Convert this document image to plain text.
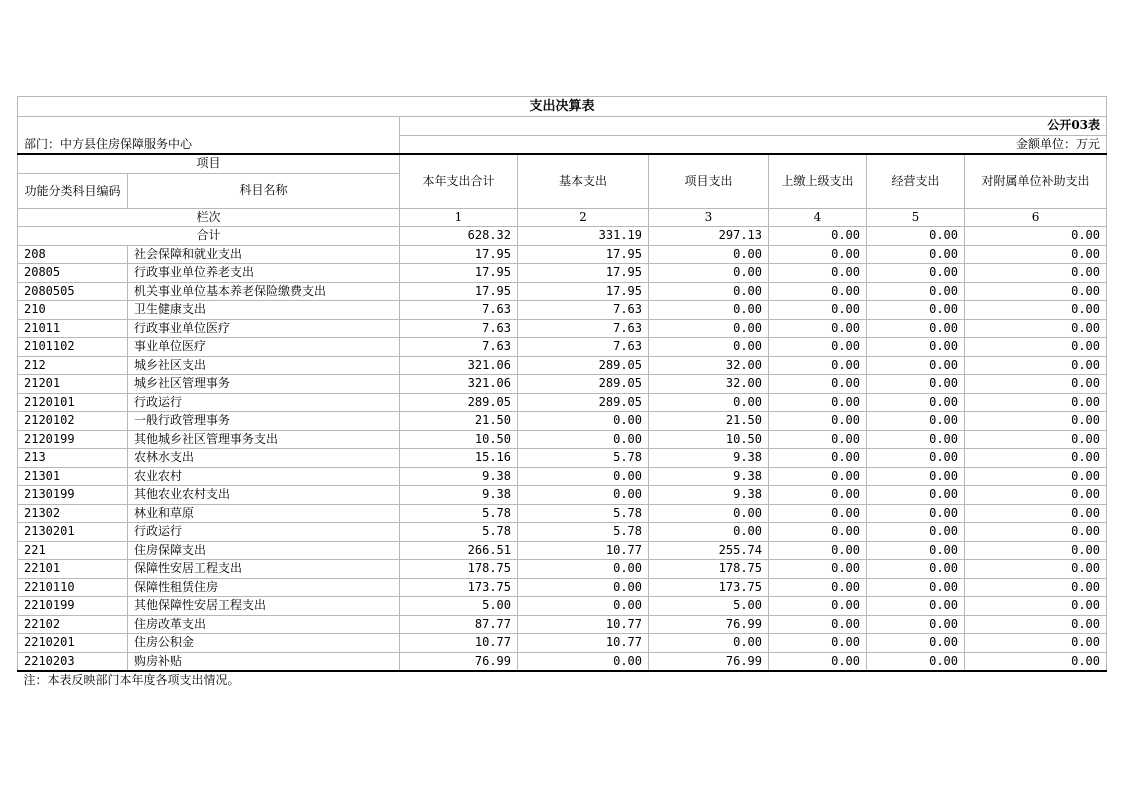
支出决算表							
		公开03表					
部门：中方县住房保障服务中心		金额单位：万元					
项目		本年支出合计	基本支出	项目支出	上缴上级支出	经营支出	对附属单位补助支出
功能分类科目编码	科目名称						
栏次		1	2	3	4	5	6
合计		628.32	331.19	297.13	0.00	0.00	0.00
208	社会保障和就业支出	17.95	17.95	0.00	0.00	0.00	0.00
20805	行政事业单位养老支出	17.95	17.95	0.00	0.00	0.00	0.00
2080505	机关事业单位基本养老保险缴费支出	17.95	17.95	0.00	0.00	0.00	0.00
210	卫生健康支出	7.63	7.63	0.00	0.00	0.00	0.00
21011	行政事业单位医疗	7.63	7.63	0.00	0.00	0.00	0.00
2101102	事业单位医疗	7.63	7.63	0.00	0.00	0.00	0.00
212	城乡社区支出	321.06	289.05	32.00	0.00	0.00	0.00
21201	城乡社区管理事务	321.06	289.05	32.00	0.00	0.00	0.00
2120101	行政运行	289.05	289.05	0.00	0.00	0.00	0.00
2120102	一般行政管理事务	21.50	0.00	21.50	0.00	0.00	0.00
2120199	其他城乡社区管理事务支出	10.50	0.00	10.50	0.00	0.00	0.00
213	农林水支出	15.16	5.78	9.38	0.00	0.00	0.00
21301	农业农村	9.38	0.00	9.38	0.00	0.00	0.00
2130199	其他农业农村支出	9.38	0.00	9.38	0.00	0.00	0.00
21302	林业和草原	5.78	5.78	0.00	0.00	0.00	0.00
2130201	行政运行	5.78	5.78	0.00	0.00	0.00	0.00
221	住房保障支出	266.51	10.77	255.74	0.00	0.00	0.00
22101	保障性安居工程支出	178.75	0.00	178.75	0.00	0.00	0.00
2210110	保障性租赁住房	173.75	0.00	173.75	0.00	0.00	0.00
2210199	其他保障性安居工程支出	5.00	0.00	5.00	0.00	0.00	0.00
22102	住房改革支出	87.77	10.77	76.99	0.00	0.00	0.00
2210201	住房公积金	10.77	10.77	0.00	0.00	0.00	0.00
2210203	购房补贴	76.99	0.00	76.99	0.00	0.00	0.00
注：本表反映部门本年度各项支出情况。							
